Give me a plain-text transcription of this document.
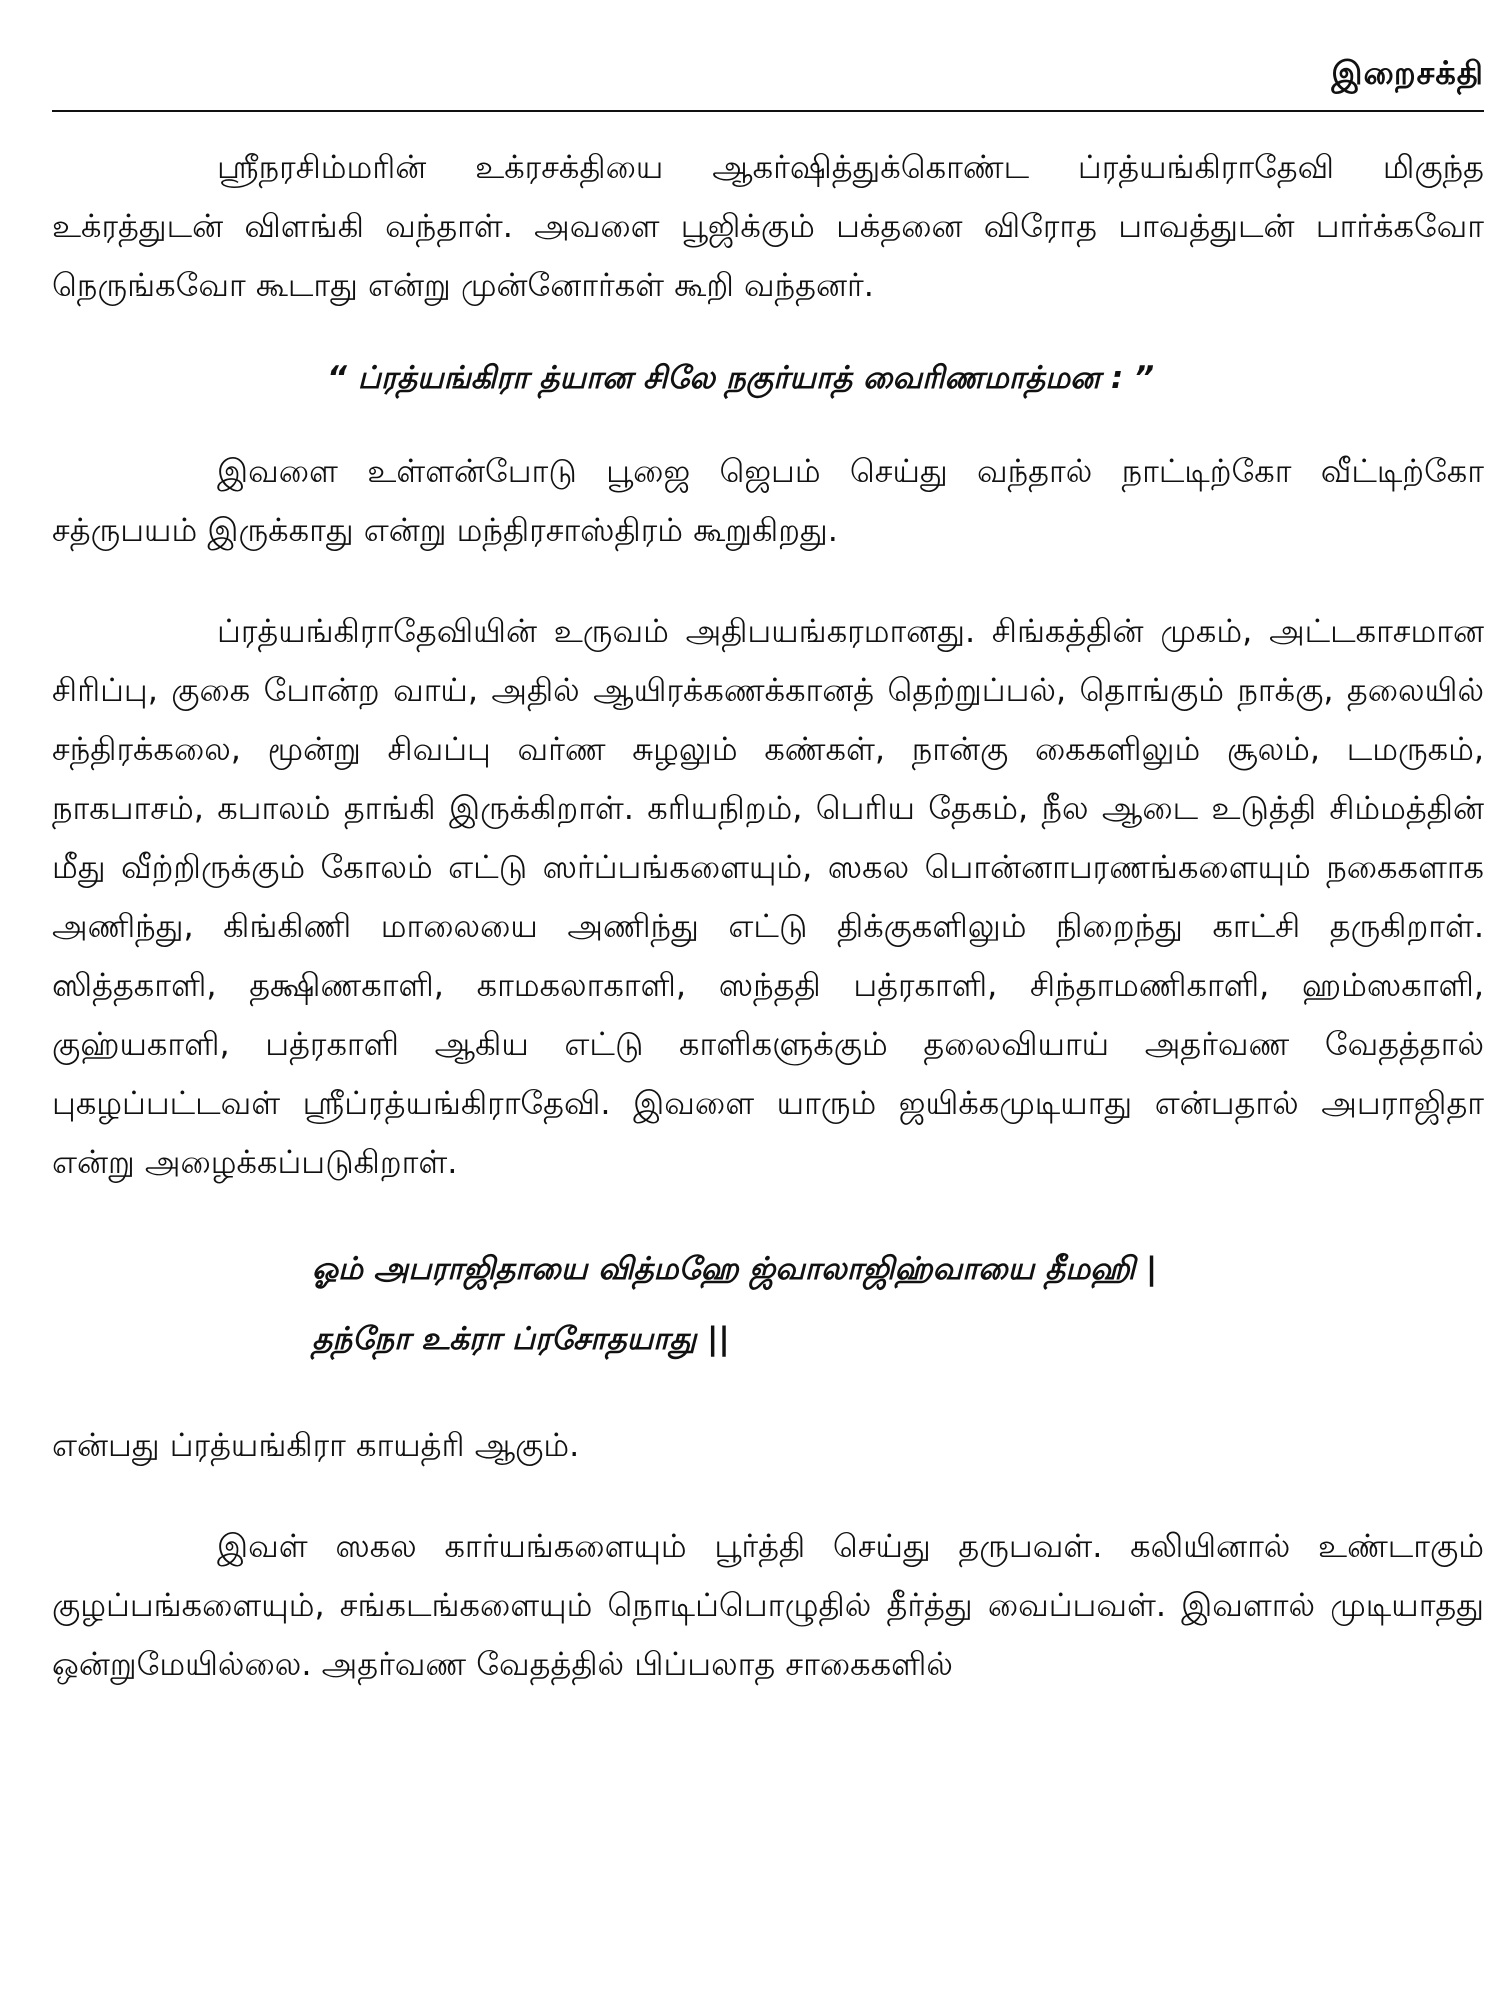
இறைசக்தி

ஸ்ரீநரசிம்மரின் உக்ரசக்தியை ஆகர்ஷித்துக்கொண்ட ப்ரத்யங்கிராதேவி மிகுந்த உக்ரத்துடன் விளங்கி வந்தாள். அவளை பூஜிக்கும் பக்தனை விரோத பாவத்துடன் பார்க்கவோ நெருங்கவோ கூடாது என்று முன்னோர்கள் கூறி வந்தனர்.

“ ப்ரத்யங்கிரா த்யான சிலே நகுர்யாத் வைரிணமாத்மன : ”

இவளை உள்ளன்போடு பூஜை ஜெபம் செய்து வந்தால் நாட்டிற்கோ வீட்டிற்கோ சத்ருபயம் இருக்காது என்று மந்திரசாஸ்திரம் கூறுகிறது.

ப்ரத்யங்கிராதேவியின் உருவம் அதிபயங்கரமானது. சிங்கத்தின் முகம், அட்டகாசமான சிரிப்பு, குகை போன்ற வாய், அதில் ஆயிரக்கணக்கானத் தெற்றுப்பல், தொங்கும் நாக்கு, தலையில் சந்திரக்கலை, மூன்று சிவப்பு வர்ண சுழலும் கண்கள், நான்கு கைகளிலும் சூலம், டமருகம், நாகபாசம், கபாலம் தாங்கி இருக்கிறாள். கரியநிறம், பெரிய தேகம், நீல ஆடை உடுத்தி சிம்மத்தின் மீது வீற்றிருக்கும் கோலம் எட்டு ஸர்ப்பங்களையும், ஸகல பொன்னாபரணங்களையும் நகைகளாக அணிந்து, கிங்கிணி மாலையை அணிந்து எட்டு திக்குகளிலும் நிறைந்து காட்சி தருகிறாள். ஸித்தகாளி, தக்ஷிணகாளி, காமகலாகாளி, ஸந்ததி பத்ரகாளி, சிந்தாமணிகாளி, ஹம்ஸகாளி, குஹ்யகாளி, பத்ரகாளி ஆகிய எட்டு காளிகளுக்கும் தலைவியாய் அதர்வண வேதத்தால் புகழப்பட்டவள் ஸ்ரீப்ரத்யங்கிராதேவி. இவளை யாரும் ஜயிக்கமுடியாது என்பதால் அபராஜிதா என்று அழைக்கப்படுகிறாள்.

ஓம் அபராஜிதாயை வித்மஹே ஜ்வாலாஜிஹ்வாயை தீமஹி |

தந்நோ உக்ரா ப்ரசோதயாது ||

என்பது ப்ரத்யங்கிரா காயத்ரி ஆகும்.

இவள் ஸகல கார்யங்களையும் பூர்த்தி செய்து தருபவள். கலியினால் உண்டாகும் குழப்பங்களையும், சங்கடங்களையும் நொடிப்பொழுதில் தீர்த்து வைப்பவள். இவளால் முடியாதது ஒன்றுமேயில்லை. அதர்வண வேதத்தில் பிப்பலாத சாகைகளில்
